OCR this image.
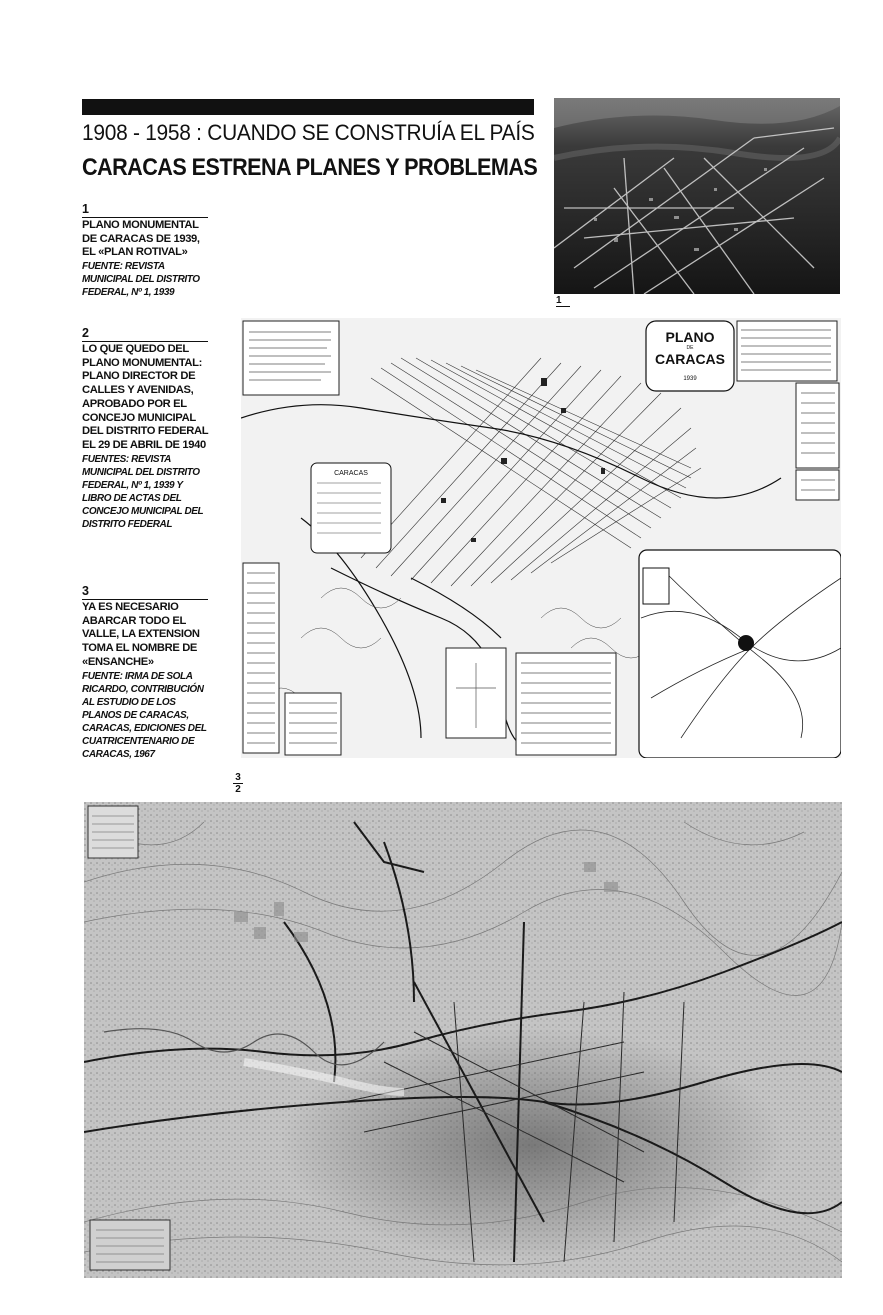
1908 - 1958 : CUANDO SE CONSTRUÍA EL PAÍS
CARACAS ESTRENA PLANES Y PROBLEMAS
1
PLANO MONUMENTAL DE CARACAS DE 1939, EL «PLAN ROTIVAL»
FUENTE: REVISTA MUNICIPAL DEL DISTRITO FEDERAL, Nº 1, 1939
2
LO QUE QUEDO DEL PLANO MONUMENTAL: PLANO DIRECTOR DE CALLES Y AVENIDAS, APROBADO POR EL CONCEJO MUNICIPAL DEL DISTRITO FEDERAL EL 29 DE ABRIL DE 1940
FUENTES: REVISTA MUNICIPAL DEL DISTRITO FEDERAL, Nº 1, 1939 Y LIBRO DE ACTAS DEL CONCEJO MUNICIPAL DEL DISTRITO FEDERAL
3
YA ES NECESARIO ABARCAR TODO EL VALLE, LA EXTENSION TOMA EL NOMBRE DE «ENSANCHE»
FUENTE: IRMA DE SOLA RICARDO, CONTRIBUCIÓN AL ESTUDIO DE LOS PLANOS DE CARACAS, CARACAS, EDICIONES DEL CUATRICENTENARIO DE CARACAS, 1967
1
CARACAS
PLANO
DE
CARACAS
1939
3
2
